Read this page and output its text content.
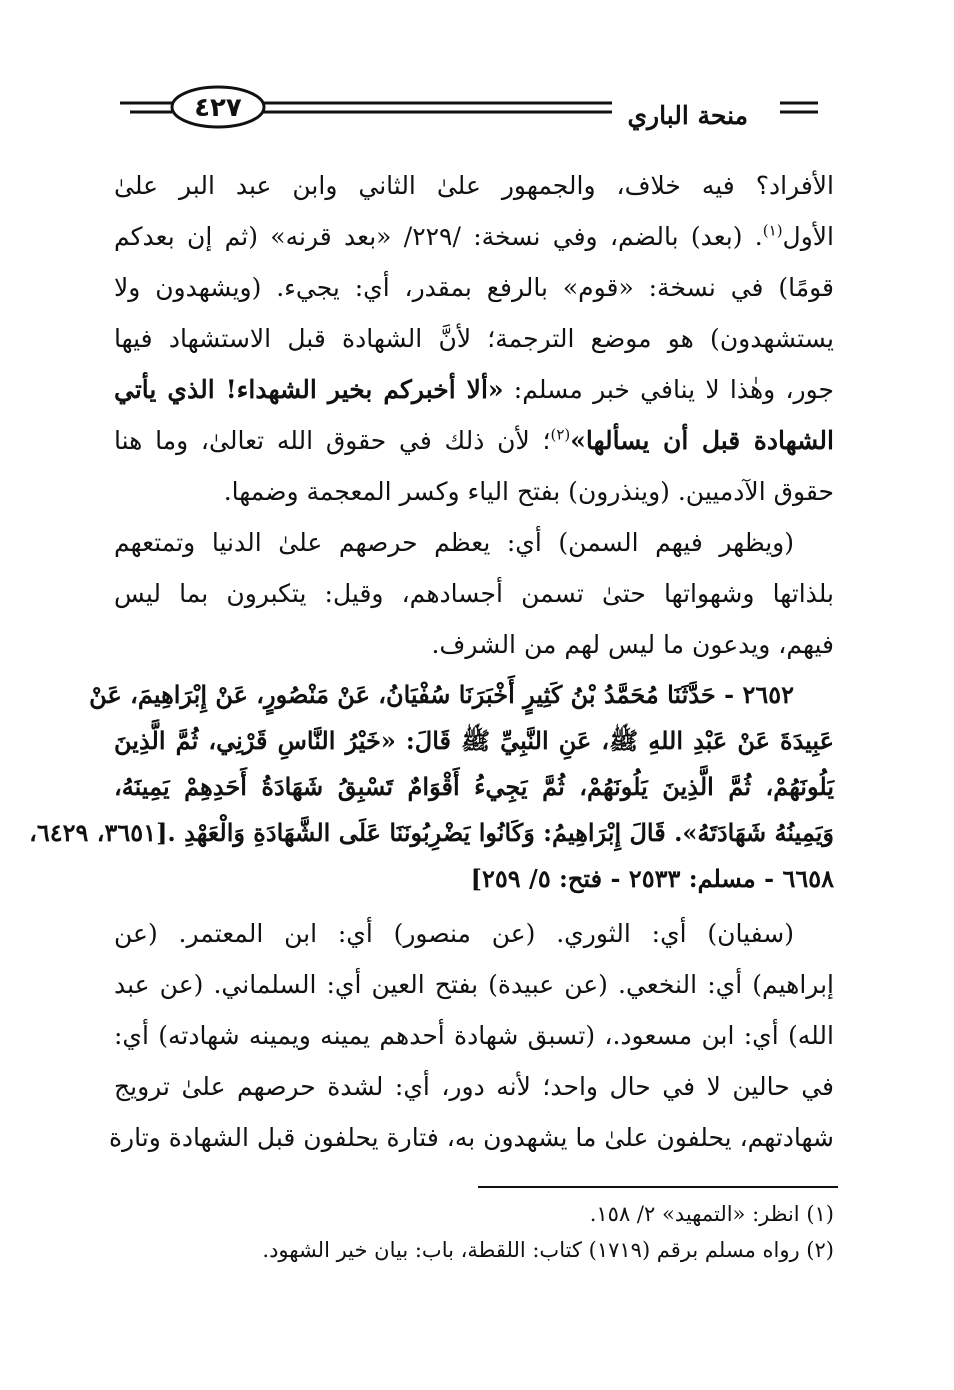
منحة الباري
٤٢٧

الأفراد؟ فيه خلاف، والجمهور علىٰ الثاني وابن عبد البر علىٰ
الأول$^{(١)}$. (بعد) بالضم، وفي نسخة: /٢٢٩/ «بعد قرنه» (ثم إن بعدكم
قومًا) في نسخة: «قوم» بالرفع بمقدر، أي: يجيء. (ويشهدون ولا
يستشهدون) هو موضع الترجمة؛ لأنَّ الشهادة قبل الاستشهاد فيها
جور، وهٰذا لا ينافي خبر مسلم: «ألا أخبركم بخير الشهداء! الذي يأتي
الشهادة قبل أن يسألها»$^{(٢)}$؛ لأن ذلك في حقوق الله تعالىٰ، وما هنا
حقوق الآدميين. (وينذرون) بفتح الياء وكسر المعجمة وضمها.

(ويظهر فيهم السمن) أي: يعظم حرصهم علىٰ الدنيا وتمتعهم
بلذاتها وشهواتها حتىٰ تسمن أجسادهم، وقيل: يتكبرون بما ليس
فيهم، ويدعون ما ليس لهم من الشرف.

٢٦٥٢ - حَدَّثَنَا مُحَمَّدُ بْنُ كَثِيرٍ أَخْبَرَنَا سُفْيَانُ، عَنْ مَنْصُورٍ، عَنْ إِبْرَاهِيمَ، عَنْ
عَبِيدَةَ عَنْ عَبْدِ اللهِ ﷺ، عَنِ النَّبِيِّ ﷺ قَالَ: «خَيْرُ النَّاسِ قَرْنِي، ثُمَّ الَّذِينَ
يَلُونَهُمْ، ثُمَّ الَّذِينَ يَلُونَهُمْ، ثُمَّ يَجِيءُ أَقْوَامٌ تَسْبِقُ شَهَادَةُ أَحَدِهِمْ يَمِينَهُ،
وَيَمِينُهُ شَهَادَتَهُ». قَالَ إِبْرَاهِيمُ: وَكَانُوا يَضْرِبُونَنَا عَلَى الشَّهَادَةِ وَالْعَهْدِ .[٣٦٥١، ٦٤٢٩،
٦٦٥٨ - مسلم: ٢٥٣٣ - فتح: ٥/ ٢٥٩]

(سفيان) أي: الثوري. (عن منصور) أي: ابن المعتمر. (عن
إبراهيم) أي: النخعي. (عن عبيدة) بفتح العين أي: السلماني. (عن عبد
الله) أي: ابن مسعود.، (تسبق شهادة أحدهم يمينه ويمينه شهادته) أي:
في حالين لا في حال واحد؛ لأنه دور، أي: لشدة حرصهم علىٰ ترويج
شهادتهم، يحلفون علىٰ ما يشهدون به، فتارة يحلفون قبل الشهادة وتارة

(١) انظر: «التمهيد» ٢/ ١٥٨.
(٢) رواه مسلم برقم (١٧١٩) كتاب: اللقطة، باب: بيان خير الشهود.
